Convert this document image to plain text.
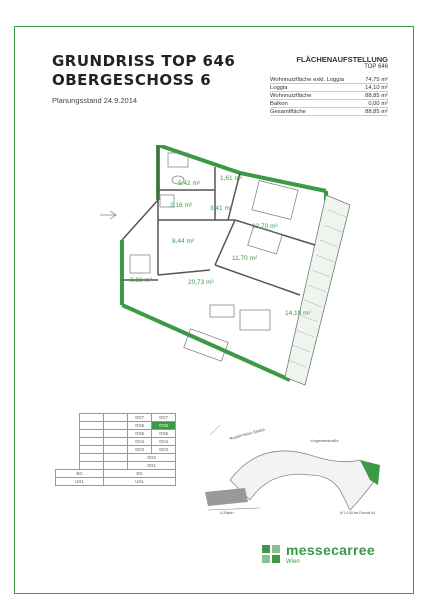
GRUNDRISS TOP 646
OBERGESCHOSS 6
Planungsstand 24.9.2014
FLÄCHENAUFSTELLUNG
TOP 646
Wohnnutzfläche exkl. Loggia	74,75 m²
Loggia	14,10 m²
Wohnnutzfläche	88,85 m²
Balkon	0,00 m²
Gesamtfläche	88,85 m²
5,42 m²
1,61 m²
2,16 m²	3,41 m²
12,70 m²
8,44 m²
11,70 m²
8,68 m²	20,73 m²
14,10 m²
			OG7	OG7
			OG6	OG6
			OG5	OG5
			OG4	OG4
			OG3	OG3
			OG2	
			OG1	
EG		EG		
UG1		UG1		
Rudolf-Heinz-Straße	Vorgartenstraße
U-Bahn	M 1:100 bei Format A4
messecarree
Wien
